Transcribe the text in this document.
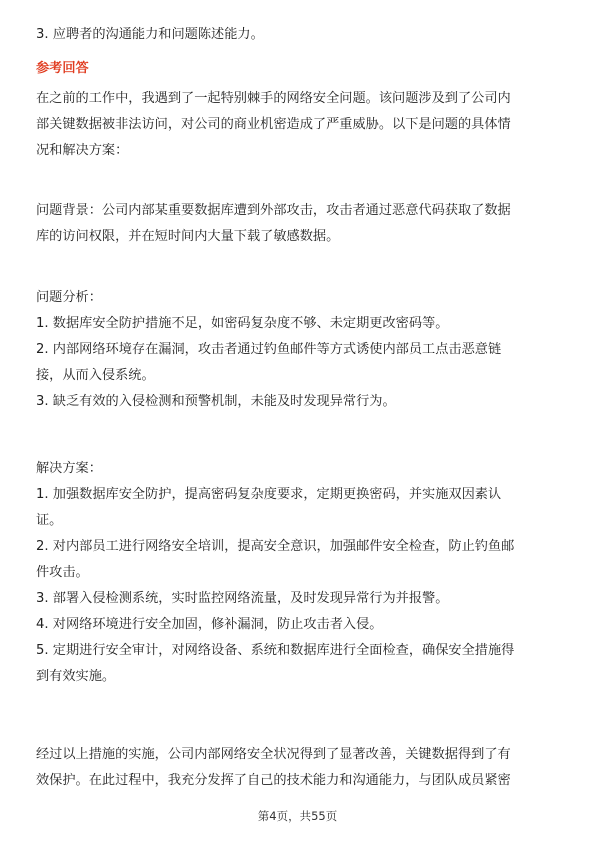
3. 应聘者的沟通能力和问题陈述能力。
参考回答
在之前的工作中，我遇到了一起特别棘手的网络安全问题。该问题涉及到了公司内
部关键数据被非法访问，对公司的商业机密造成了严重威胁。以下是问题的具体情
况和解决方案：
问题背景：公司内部某重要数据库遭到外部攻击，攻击者通过恶意代码获取了数据
库的访问权限，并在短时间内大量下载了敏感数据。
问题分析：
1. 数据库安全防护措施不足，如密码复杂度不够、未定期更改密码等。
2. 内部网络环境存在漏洞，攻击者通过钓鱼邮件等方式诱使内部员工点击恶意链
接，从而入侵系统。
3. 缺乏有效的入侵检测和预警机制，未能及时发现异常行为。
解决方案：
1. 加强数据库安全防护，提高密码复杂度要求，定期更换密码，并实施双因素认
证。
2. 对内部员工进行网络安全培训，提高安全意识，加强邮件安全检查，防止钓鱼邮
件攻击。
3. 部署入侵检测系统，实时监控网络流量，及时发现异常行为并报警。
4. 对网络环境进行安全加固，修补漏洞，防止攻击者入侵。
5. 定期进行安全审计，对网络设备、系统和数据库进行全面检查，确保安全措施得
到有效实施。
经过以上措施的实施，公司内部网络安全状况得到了显著改善，关键数据得到了有
效保护。在此过程中，我充分发挥了自己的技术能力和沟通能力，与团队成员紧密
第4页，共55页
